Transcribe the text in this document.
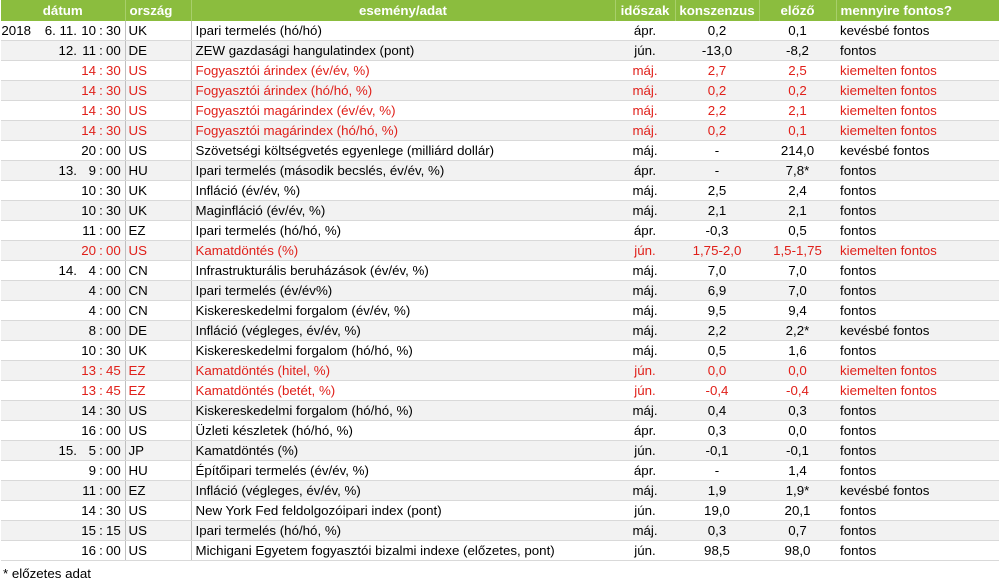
dátum	ország	esemény/adat	időszak	konszenzus	előző	mennyire fontos?

2018 6. 11. 10 : 30	UK	Ipari termelés (hó/hó)	ápr.	0,2	0,1	kevésbé fontos

12. 11 : 00	DE	ZEW gazdasági hangulatindex (pont)	jún.	-13,0	-8,2	fontos

14 : 30	US	Fogyasztói árindex (év/év, %)	máj.	2,7	2,5	kiemelten fontos

14 : 30	US	Fogyasztói árindex (hó/hó, %)	máj.	0,2	0,2	kiemelten fontos

14 : 30	US	Fogyasztói magárindex (év/év, %)	máj.	2,2	2,1	kiemelten fontos

14 : 30	US	Fogyasztói magárindex (hó/hó, %)	máj.	0,2	0,1	kiemelten fontos

20 : 00	US	Szövetségi költségvetés egyenlege (milliárd dollár)	máj.	-	214,0	kevésbé fontos

13. 9 : 00	HU	Ipari termelés (második becslés, év/év, %)	ápr.	-	7,8*	fontos

10 : 30	UK	Infláció (év/év, %)	máj.	2,5	2,4	fontos

10 : 30	UK	Maginfláció (év/év, %)	máj.	2,1	2,1	fontos

11 : 00	EZ	Ipari termelés (hó/hó, %)	ápr.	-0,3	0,5	fontos

20 : 00	US	Kamatdöntés (%)	jún.	1,75-2,0	1,5-1,75	kiemelten fontos

14. 4 : 00	CN	Infrastrukturális beruházások (év/év, %)	máj.	7,0	7,0	fontos

4 : 00	CN	Ipari termelés (év/év%)	máj.	6,9	7,0	fontos

4 : 00	CN	Kiskereskedelmi forgalom (év/év, %)	máj.	9,5	9,4	fontos

8 : 00	DE	Infláció (végleges, év/év, %)	máj.	2,2	2,2*	kevésbé fontos

10 : 30	UK	Kiskereskedelmi forgalom (hó/hó, %)	máj.	0,5	1,6	fontos

13 : 45	EZ	Kamatdöntés (hitel, %)	jún.	0,0	0,0	kiemelten fontos

13 : 45	EZ	Kamatdöntés (betét, %)	jún.	-0,4	-0,4	kiemelten fontos

14 : 30	US	Kiskereskedelmi forgalom (hó/hó, %)	máj.	0,4	0,3	fontos

16 : 00	US	Üzleti készletek (hó/hó, %)	ápr.	0,3	0,0	fontos

15. 5 : 00	JP	Kamatdöntés (%)	jún.	-0,1	-0,1	fontos

9 : 00	HU	Építőipari termelés (év/év, %)	ápr.	-	1,4	fontos

11 : 00	EZ	Infláció (végleges, év/év, %)	máj.	1,9	1,9*	kevésbé fontos

14 : 30	US	New York Fed feldolgozóipari index (pont)	jún.	19,0	20,1	fontos

15 : 15	US	Ipari termelés (hó/hó, %)	máj.	0,3	0,7	fontos

16 : 00	US	Michigani Egyetem fogyasztói bizalmi indexe (előzetes, pont)	jún.	98,5	98,0	fontos
* előzetes adat
